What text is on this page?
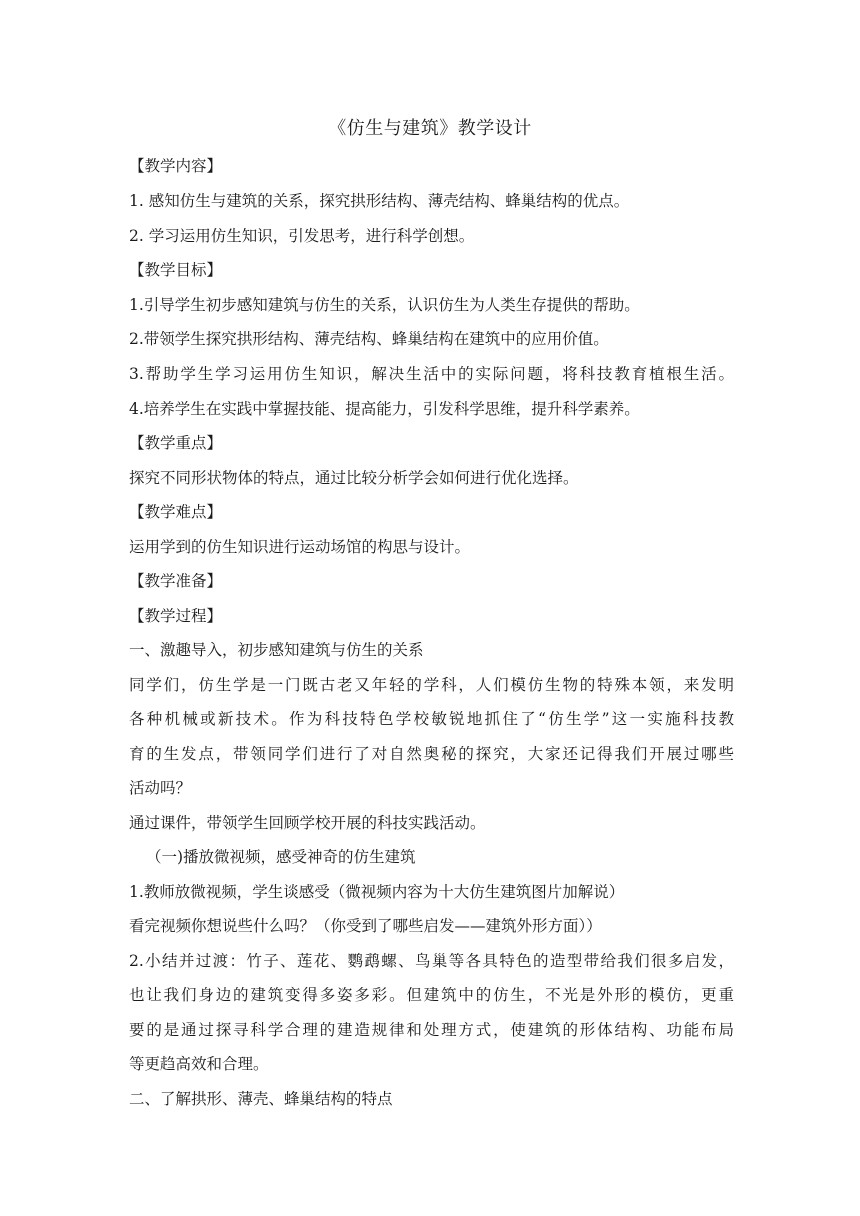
《仿生与建筑》教学设计
【教学内容】
1. 感知仿生与建筑的关系，探究拱形结构、薄壳结构、蜂巢结构的优点。
2. 学习运用仿生知识，引发思考，进行科学创想。
【教学目标】
1.引导学生初步感知建筑与仿生的关系，认识仿生为人类生存提供的帮助。
2.带领学生探究拱形结构、薄壳结构、蜂巢结构在建筑中的应用价值。
3.帮助学生学习运用仿生知识，解决生活中的实际问题，将科技教育植根生活。
4.培养学生在实践中掌握技能、提高能力，引发科学思维，提升科学素养。
【教学重点】
探究不同形状物体的特点，通过比较分析学会如何进行优化选择。
【教学难点】
运用学到的仿生知识进行运动场馆的构思与设计。
【教学准备】
【教学过程】
一、激趣导入，初步感知建筑与仿生的关系
同学们，仿生学是一门既古老又年轻的学科，人们模仿生物的特殊本领，来发明
各种机械或新技术。作为科技特色学校敏锐地抓住了“仿生学”这一实施科技教
育的生发点，带领同学们进行了对自然奥秘的探究，大家还记得我们开展过哪些
活动吗？
通过课件，带领学生回顾学校开展的科技实践活动。
（一)播放微视频，感受神奇的仿生建筑
1.教师放微视频，学生谈感受（微视频内容为十大仿生建筑图片加解说）
看完视频你想说些什么吗？（你受到了哪些启发——建筑外形方面））
2.小结并过渡：竹子、莲花、鹦鹉螺、鸟巢等各具特色的造型带给我们很多启发，
也让我们身边的建筑变得多姿多彩。但建筑中的仿生，不光是外形的模仿，更重
要的是通过探寻科学合理的建造规律和处理方式，使建筑的形体结构、功能布局
等更趋高效和合理。
二、了解拱形、薄壳、蜂巢结构的特点
